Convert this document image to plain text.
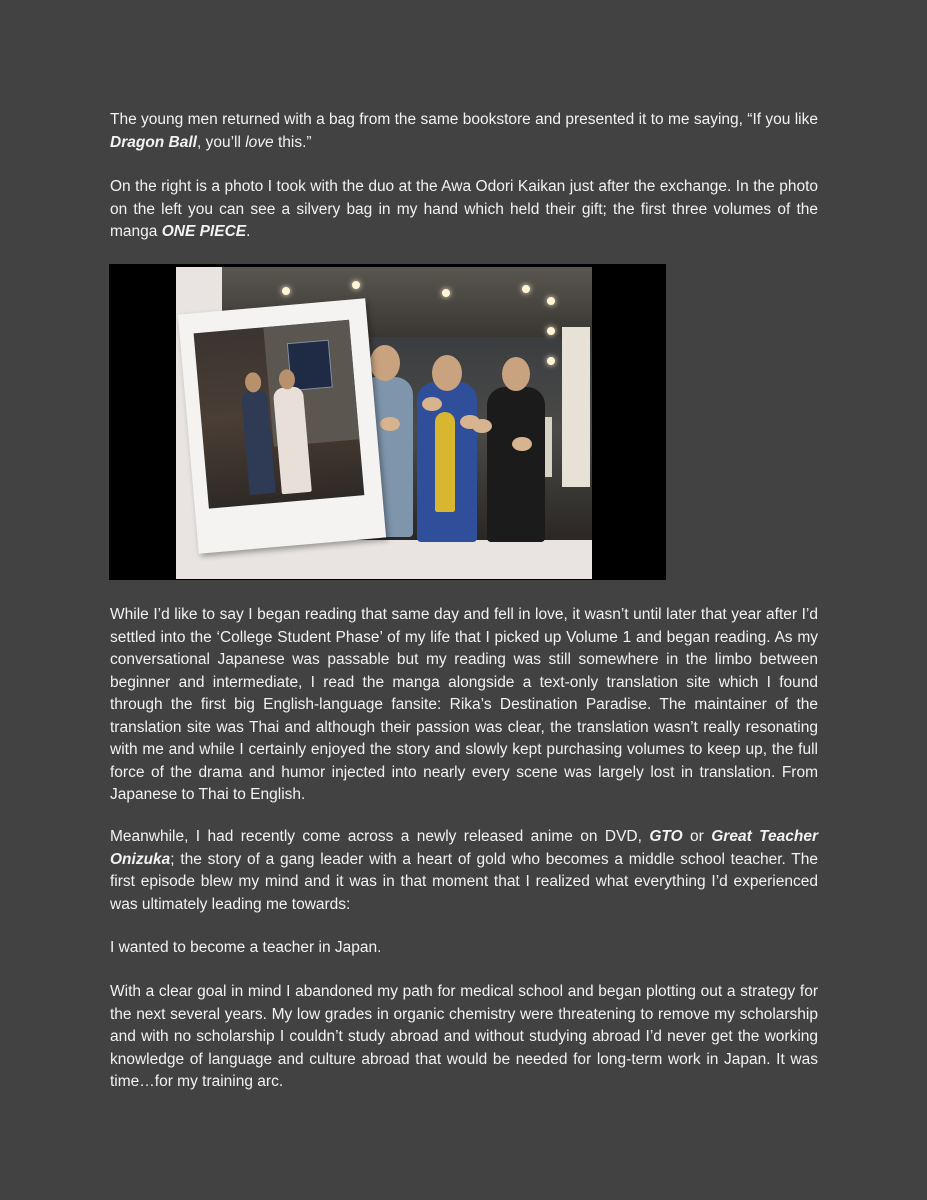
The young men returned with a bag from the same bookstore and presented it to me saying, “If you like Dragon Ball, you’ll love this.”

On the right is a photo I took with the duo at the Awa Odori Kaikan just after the exchange. In the photo on the left you can see a silvery bag in my hand which held their gift; the first three volumes of the manga ONE PIECE.

While I’d like to say I began reading that same day and fell in love, it wasn’t until later that year after I’d settled into the ‘College Student Phase’ of my life that I picked up Volume 1 and began reading. As my conversational Japanese was passable but my reading was still somewhere in the limbo between beginner and intermediate, I read the manga alongside a text-only translation site which I found through the first big English-language fansite: Rika’s Destination Paradise. The maintainer of the translation site was Thai and although their passion was clear, the translation wasn’t really resonating with me and while I certainly enjoyed the story and slowly kept purchasing volumes to keep up, the full force of the drama and humor injected into nearly every scene was largely lost in translation. From Japanese to Thai to English.

Meanwhile, I had recently come across a newly released anime on DVD, GTO or Great Teacher Onizuka; the story of a gang leader with a heart of gold who becomes a middle school teacher. The first episode blew my mind and it was in that moment that I realized what everything I’d experienced was ultimately leading me towards:

I wanted to become a teacher in Japan.

With a clear goal in mind I abandoned my path for medical school and began plotting out a strategy for the next several years. My low grades in organic chemistry were threatening to remove my scholarship and with no scholarship I couldn’t study abroad and without studying abroad I’d never get the working knowledge of language and culture abroad that would be needed for long-term work in Japan. It was time…for my training arc.
